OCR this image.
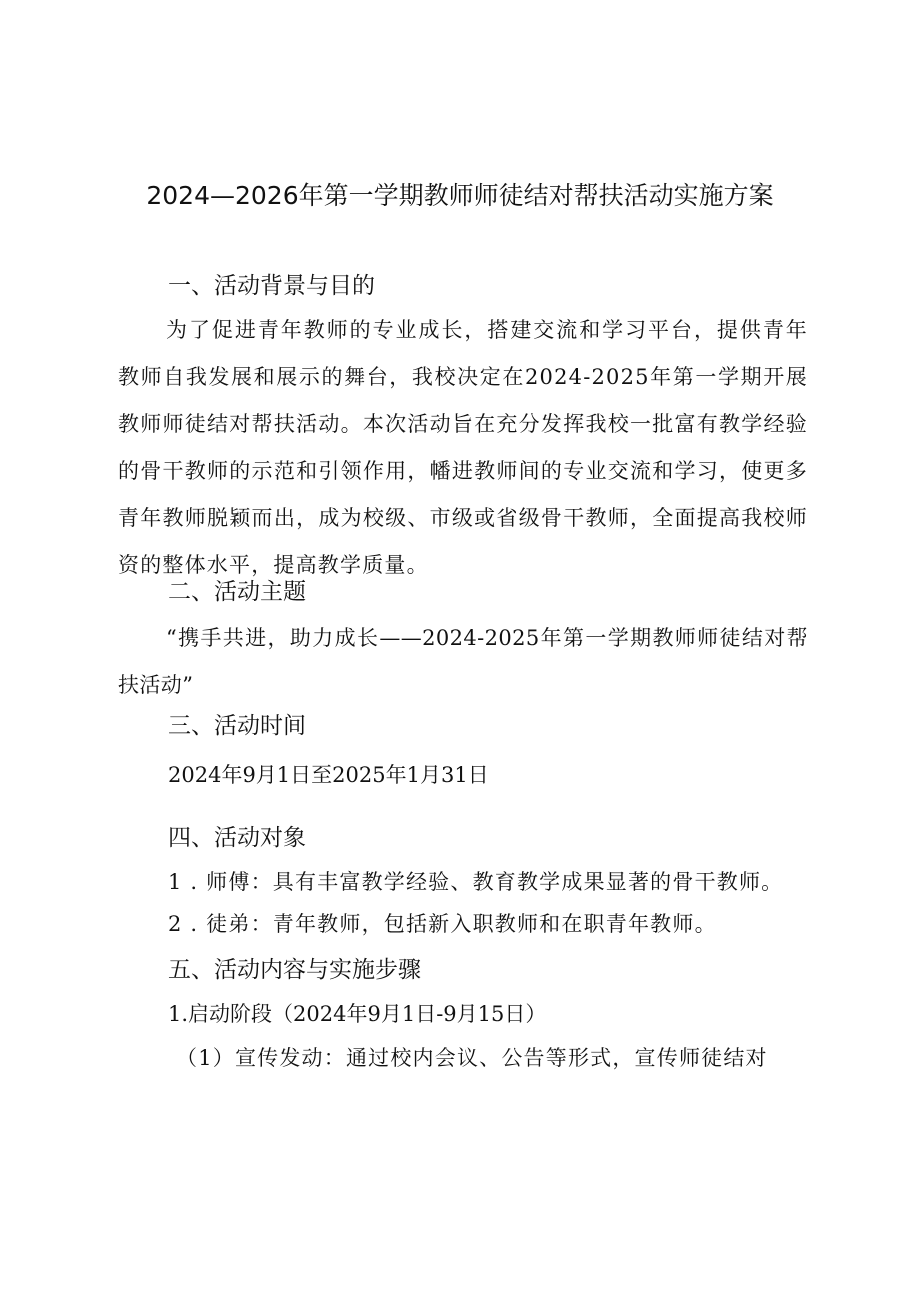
2024—2026年第一学期教师师徒结对帮扶活动实施方案
一、活动背景与目的
为了促进青年教师的专业成长，搭建交流和学习平台，提供青年教师自我发展和展示的舞台，我校决定在2024-2025年第一学期开展教师师徒结对帮扶活动。本次活动旨在充分发挥我校一批富有教学经验的骨干教师的示范和引领作用，幡进教师间的专业交流和学习，使更多青年教师脱颖而出，成为校级、市级或省级骨干教师，全面提高我校师资的整体水平，提高教学质量。
二、活动主题
“携手共进，助力成长——2024-2025年第一学期教师师徒结对帮扶活动”
三、活动时间
2024年9月1日至2025年1月31日
四、活动对象
1 . 师傅：具有丰富教学经验、教育教学成果显著的骨干教师。
2 . 徒弟：青年教师，包括新入职教师和在职青年教师。
五、活动内容与实施步骤
1.启动阶段（2024年9月1日-9月15日）
（1）宣传发动：通过校内会议、公告等形式，宣传师徒结对
